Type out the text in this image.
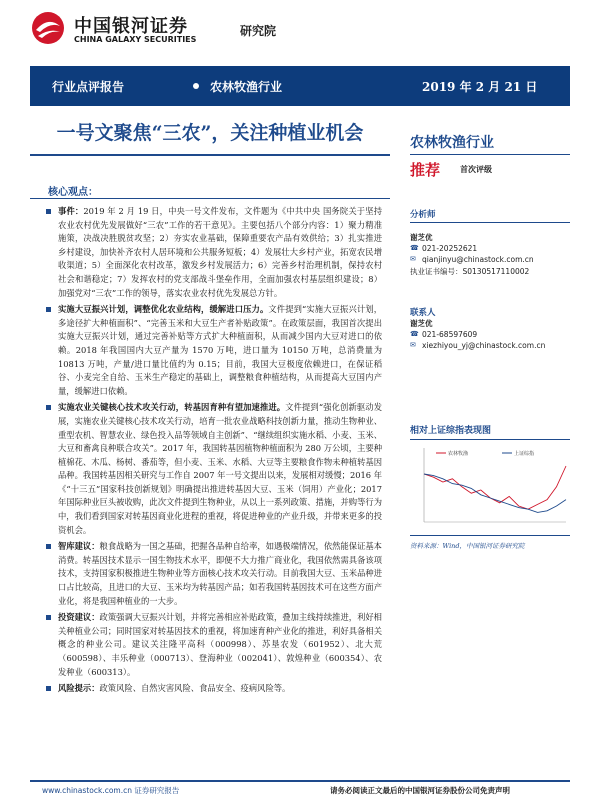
中国银河证券
CHINA GALAXY SECURITIES
研究院
行业点评报告	农林牧渔行业	2019 年 2 月 21 日
一号文聚焦“三农”，关注种植业机会	农林牧渔行业
推荐 首次评级
核心观点：
事件：2019 年 2 月 19 日，中央一号文件发布，文件题为《中共中央 国务院关于坚持农业农村优先发展做好“三农”工作的若干意见》。主要包括八个部分内容：1）聚力精准施策，决战决胜脱贫攻坚；2）夯实农业基础，保障重要农产品有效供给；3）扎实推进乡村建设，加快补齐农村人居环境和公共服务短板；4）发展壮大乡村产业，拓宽农民增收渠道；5）全面深化农村改革，激发乡村发展活力；6）完善乡村治理机制，保持农村社会和谐稳定；7）发挥农村的党支部战斗堡垒作用，全面加强农村基层组织建设；8）加强党对“三农”工作的领导，落实农业农村优先发展总方针。
实施大豆振兴计划，调整优化农业结构，缓解进口压力。文件提到“实施大豆振兴计划，多途径扩大种植面积”、“完善玉米和大豆生产者补贴政策”。在政策层面，我国首次提出实施大豆振兴计划，通过完善补贴等方式扩大种植面积，从而减少国内大豆对进口的依赖。2018 年我国国内大豆产量为 1570 万吨，进口量为 10150 万吨，总消费量为 10813 万吨，产量/进口量比值约为 0.15；目前，我国大豆极度依赖进口，在保证稻谷、小麦完全自给、玉米生产稳定的基础上，调整粮食种植结构，从而提高大豆国内产量，缓解进口依赖。
实施农业关键核心技术攻关行动，转基因育种有望加速推进。文件提到“强化创新驱动发展，实施农业关键核心技术攻关行动，培育一批农业战略科技创新力量，推动生物种业、重型农机、智慧农业、绿色投入品等领域自主创新”、“继续组织实施水稻、小麦、玉米、大豆和畜禽良种联合攻关”。2017 年，我国转基因植物种植面积为 280 万公顷，主要种植棉花、木瓜、杨树、番茄等，但小麦、玉米、水稻、大豆等主要粮食作物未种植转基因品种。我国转基因相关研究与工作自 2007 年一号文提出以来，发展相对缓慢；2016 年《“十三五”国家科技创新规划》明确提出推进转基因大豆、玉米（饲用）产业化；2017 年国际种业巨头被收购，此次文件提到生物种业，从以上一系列政策、措施，并购等行为中，我们看到国家对转基因商业化进程的重视，将促进种业的产业升级，并带来更多的投资机会。
智库建议：粮食战略为一国之基础，把握各品种自给率，如遇极端情况，依然能保证基本消费。转基因技术显示一国生物技术水平，即便不大力推广商业化，我国依然需具备该项技术，支持国家积极推进生物种业等方面核心技术攻关行动。目前我国大豆、玉米品种进口占比较高，且进口的大豆、玉米均为转基因产品；如若我国转基因技术可在这些方面产业化，将是我国种植业的一大步。
投资建议：政策强调大豆振兴计划，并将完善相应补贴政策，叠加主线持续推进，利好相关种植业公司；同时国家对转基因技术的重视，将加速育种产业化的推进，利好具备相关概念的种业公司。建议关注隆平高科（000998）、苏垦农发（601952）、北大荒（600598）、丰乐种业（000713）、登海种业（002041）、敦煌种业（600354）、农发种业（600313）。
风险提示：政策风险、自然灾害风险、食品安全、疫病风险等。
分析师
谢芝优
☎ 021-20252621
✉ qianjinyu@chinastock.com.cn
执业证书编号：S0130517110002
联系人
谢芝优
☎ 021-68597609
✉ xiezhiyou_yj@chinastock.com.cn
相对上证综指表现图
农林牧渔	上证综指
资料来源：Wind，中国银河证券研究院
www.chinastock.com.cn 证券研究报告	请务必阅读正文最后的中国银河证券股份公司免责声明
